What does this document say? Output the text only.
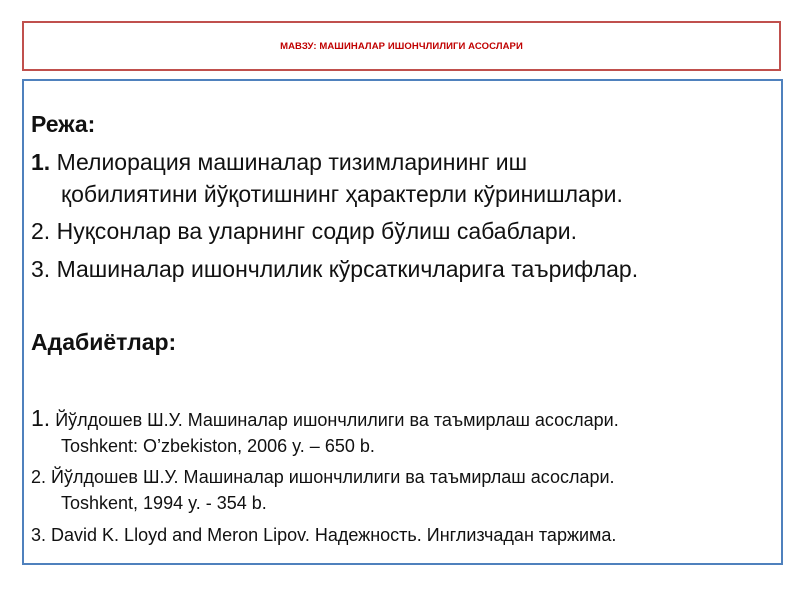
МАВЗУ: МАШИНАЛАР ИШОНЧЛИЛИГИ АСОСЛАРИ
Режа:
1. Мелиорация машиналар тизимларининг иш
қобилиятини йўқотишнинг ҳарактерли кўринишлари.
2. Нуқсонлар ва уларнинг содир бўлиш сабаблари.
3. Машиналар ишончлилик кўрсаткичларига таърифлар.
Адабиётлар:
1. Йўлдошев Ш.У. Машиналар ишончлилиги ва таъмирлаш асослари.
Toshkent: O’zbekiston, 2006 y. – 650 b.
2. Йўлдошев Ш.У. Машиналар ишончлилиги ва таъмирлаш асослари.
Toshkent, 1994 y. - 354 b.
3. David K. Lloyd and Meron Lipov. Надежность. Инглизчадан таржима.
